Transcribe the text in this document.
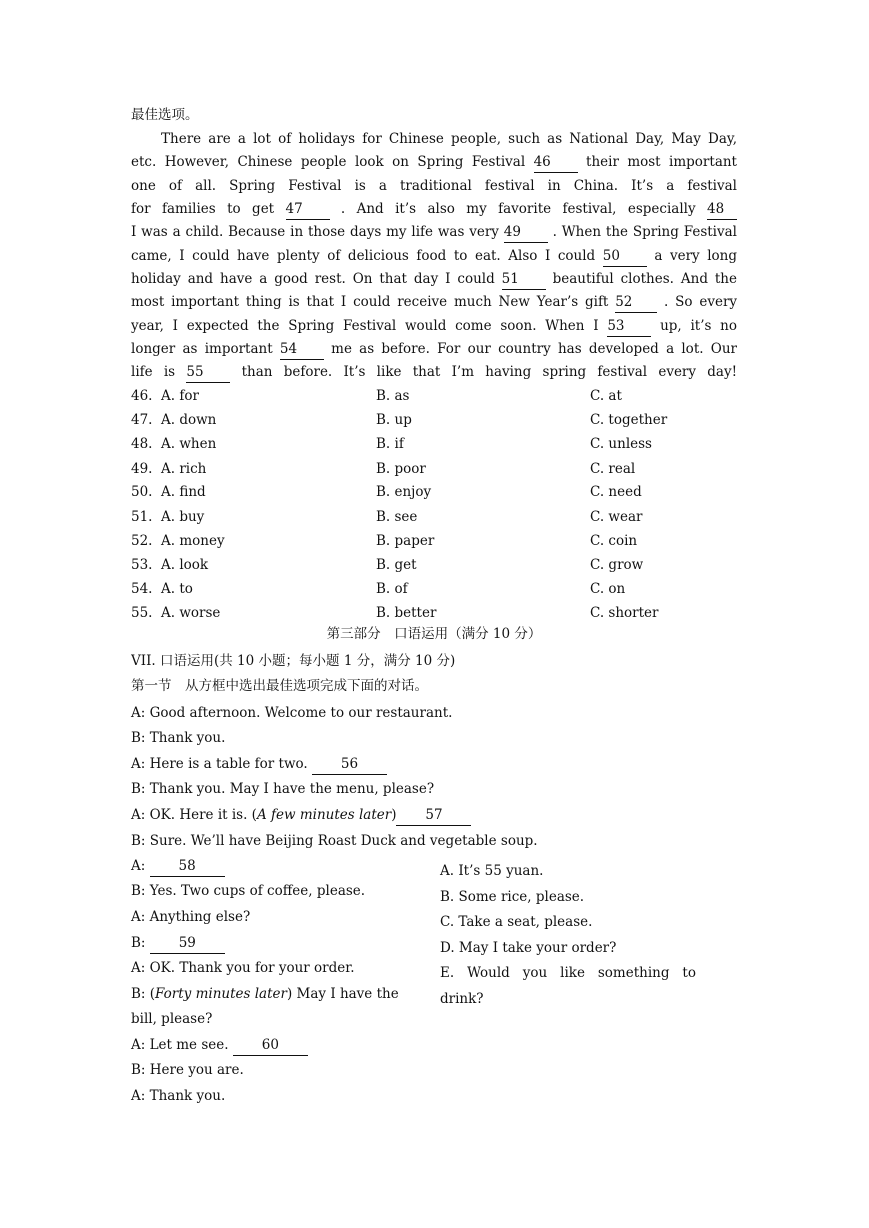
最佳选项。
There are a lot of holidays for Chinese people, such as National Day, May Day,
etc. However, Chinese people look on Spring Festival 46	their most important
one of all. Spring Festival is a traditional festival in China. It’s a festival
for families to get 47	. And it’s also my favorite festival, especially 48
I was a child. Because in those days my life was very 49 . When the Spring Festival
came, I could have plenty of delicious food to eat. Also I could 50	a very long
holiday and have a good rest. On that day I could 51 beautiful clothes. And the
most important thing is that I could receive much New Year’s gift 52 . So every
year, I expected the Spring Festival would come soon. When I 53	up, it’s no
longer as important 54	me as before. For our country has developed a lot. Our
life is 55	than before. It’s like that I’m having spring festival every day!
46. A. for	B. as	C. at
47. A. down	B. up	C. together
48. A. when	B. if	C. unless
49. A. rich	B. poor	C. real
50. A. find	B. enjoy	C. need
51. A. buy	B. see	C. wear
52. A. money	B. paper	C. coin
53. A. look	B. get	C. grow
54. A. to	B. of	C. on
55. A. worse	B. better	C. shorter
第三部分　口语运用（满分 10 分）
VII. 口语运用(共 10 小题；每小题 1 分，满分 10 分)
第一节　从方框中选出最佳选项完成下面的对话。
A: Good afternoon. Welcome to our restaurant.
B: Thank you.
A: Here is a table for two. 56
B: Thank you. May I have the menu, please?
A: OK. Here it is. (A few minutes later) 57
B: Sure. We’ll have Beijing Roast Duck and vegetable soup.
A: 58
B: Yes. Two cups of coffee, please.
A: Anything else?
B: 59
A: OK. Thank you for your order.
B: (Forty minutes later) May I have the
bill, please?
A: Let me see. 60
B: Here you are.
A: Thank you.
A. It’s 55 yuan.
B. Some rice, please.
C. Take a seat, please.
D. May I take your order?
E. Would you like something to
drink?
